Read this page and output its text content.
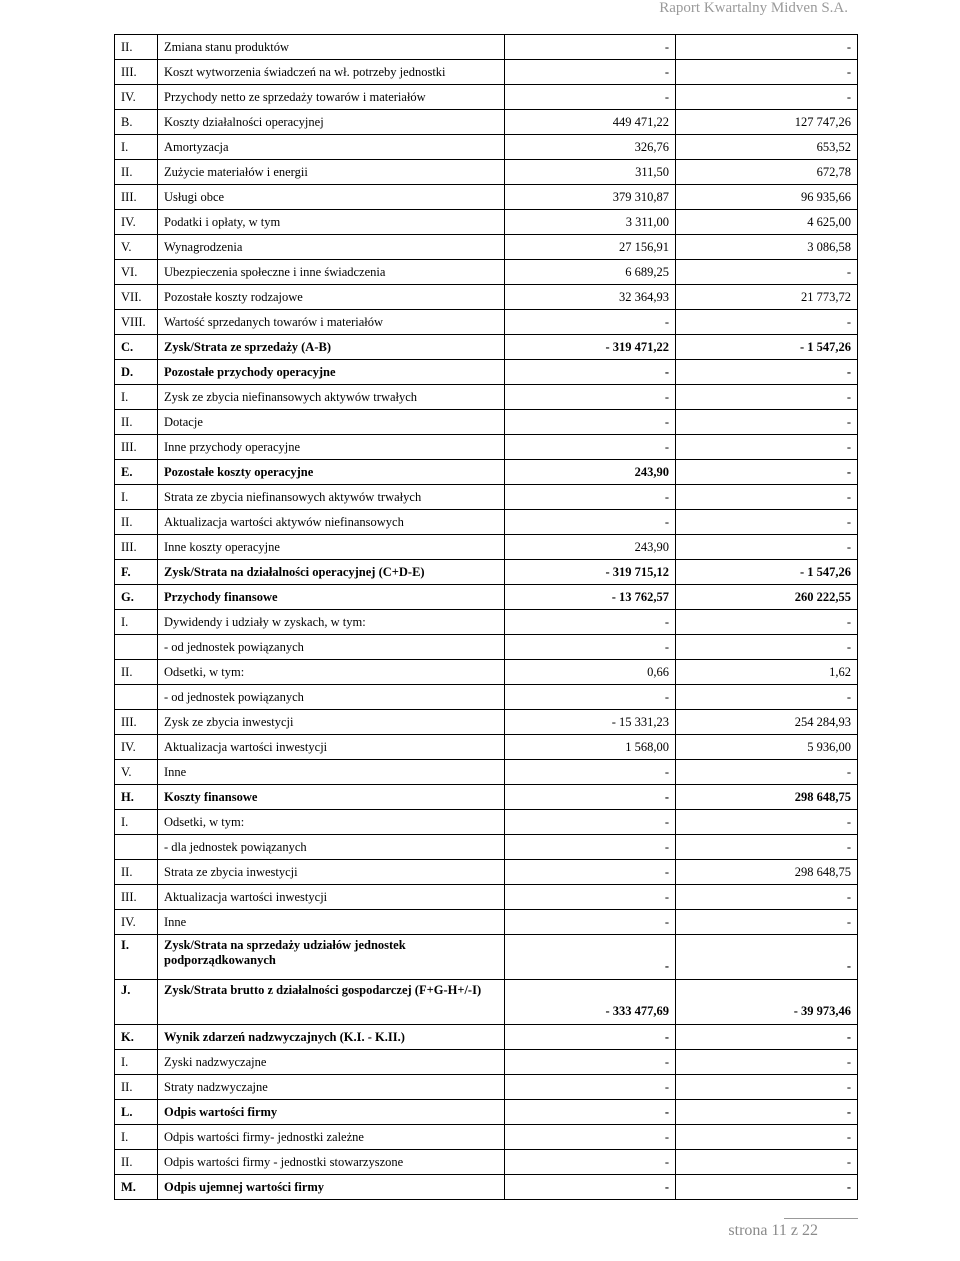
Raport Kwartalny Midven S.A.
II.	Zmiana stanu produktów	-	-
III.	Koszt wytworzenia świadczeń na wł. potrzeby jednostki	-	-
IV.	Przychody netto ze sprzedaży towarów i materiałów	-	-
B.	Koszty działalności operacyjnej	449 471,22	127 747,26
I.	Amortyzacja	326,76	653,52
II.	Zużycie materiałów i energii	311,50	672,78
III.	Usługi obce	379 310,87	96 935,66
IV.	Podatki i opłaty, w tym	3 311,00	4 625,00
V.	Wynagrodzenia	27 156,91	3 086,58
VI.	Ubezpieczenia społeczne i inne świadczenia	6 689,25	-
VII.	Pozostałe koszty rodzajowe	32 364,93	21 773,72
VIII.	Wartość sprzedanych towarów i materiałów	-	-
C.	Zysk/Strata ze sprzedaży (A-B)	- 319 471,22	- 1 547,26
D.	Pozostałe przychody operacyjne	-	-
I.	Zysk ze zbycia niefinansowych aktywów trwałych	-	-
II.	Dotacje	-	-
III.	Inne przychody operacyjne	-	-
E.	Pozostałe koszty operacyjne	243,90	-
I.	Strata ze zbycia niefinansowych aktywów trwałych	-	-
II.	Aktualizacja wartości aktywów niefinansowych	-	-
III.	Inne koszty operacyjne	243,90	-
F.	Zysk/Strata na działalności operacyjnej (C+D-E)	- 319 715,12	- 1 547,26
G.	Przychody finansowe	- 13 762,57	260 222,55
I.	Dywidendy i udziały w zyskach, w tym:	-	-
	- od jednostek powiązanych	-	-
II.	Odsetki, w tym:	0,66	1,62
	- od jednostek powiązanych	-	-
III.	Zysk ze zbycia inwestycji	- 15 331,23	254 284,93
IV.	Aktualizacja wartości inwestycji	1 568,00	5 936,00
V.	Inne	-	-
H.	Koszty finansowe	-	298 648,75
I.	Odsetki, w tym:	-	-
	- dla jednostek powiązanych	-	-
II.	Strata ze zbycia inwestycji	-	298 648,75
III.	Aktualizacja wartości inwestycji	-	-
IV.	Inne	-	-
I.	Zysk/Strata na sprzedaży udziałów jednostek podporządkowanych	-	-
J.	Zysk/Strata brutto z działalności gospodarczej (F+G-H+/-I)	- 333 477,69	- 39 973,46
K.	Wynik zdarzeń nadzwyczajnych (K.I. - K.II.)	-	-
I.	Zyski nadzwyczajne	-	-
II.	Straty nadzwyczajne	-	-
L.	Odpis wartości firmy	-	-
I.	Odpis wartości firmy- jednostki zależne	-	-
II.	Odpis wartości firmy - jednostki stowarzyszone	-	-
M.	Odpis ujemnej wartości firmy	-	-
strona 11 z 22
